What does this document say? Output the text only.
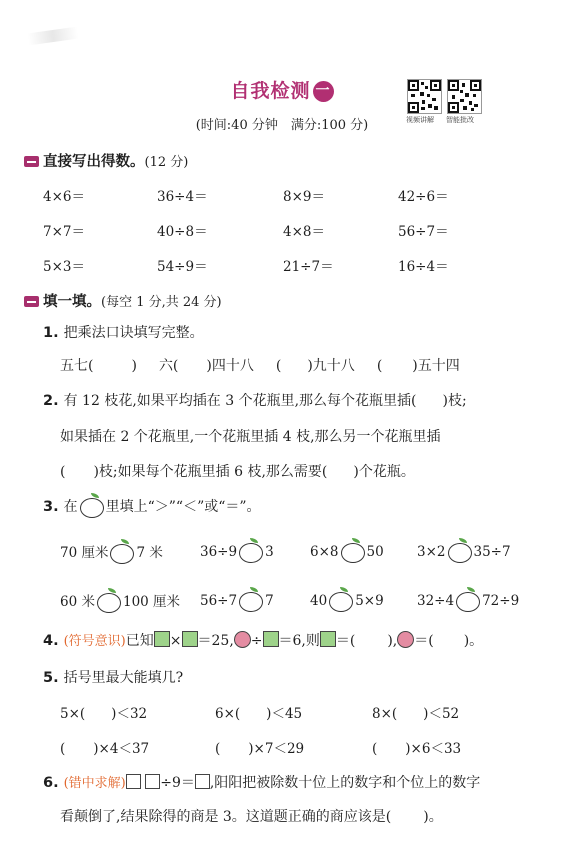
自我检测 一
(时间:40 分钟　满分:100 分)	视频讲解 智能批改
直接写出得数。(12 分)
4×6＝	36÷4＝	8×9＝	42÷6＝
7×7＝	40÷8＝	4×8＝	56÷7＝
5×3＝	54÷9＝	21÷7＝	16÷4＝
填一填。(每空 1 分,共 24 分)
1. 把乘法口诀填写完整。
五七(	) 六( )四十八 ( )九十八 ( )五十四
2. 有 12 枝花,如果平均插在 3 个花瓶里,那么每个花瓶里插( )枝;
如果插在 2 个花瓶里,一个花瓶里插 4 枝,那么另一个花瓶里插
( )枝;如果每个花瓶里插 6 枝,那么需要( )个花瓶。
3. 在 里填上“＞”“＜”或“＝”。
70 厘米 7 米	36÷9 3	6×8 50 3×2 35÷7
60 米 100 厘米 56÷7 7	40 5×9 32÷4 72÷9
4. (符号意识)已知 × ＝25, ÷ ＝6,则 ＝( ), ＝( )。
5. 括号里最大能填几?
5×( )＜32	6×( )＜45	8×( )＜52
( )×4＜37	( )×7＜29	( )×6＜33
6. (错中求解) ÷9＝ ,阳阳把被除数十位上的数字和个位上的数字
看颠倒了,结果除得的商是 3。这道题正确的商应该是( )。
